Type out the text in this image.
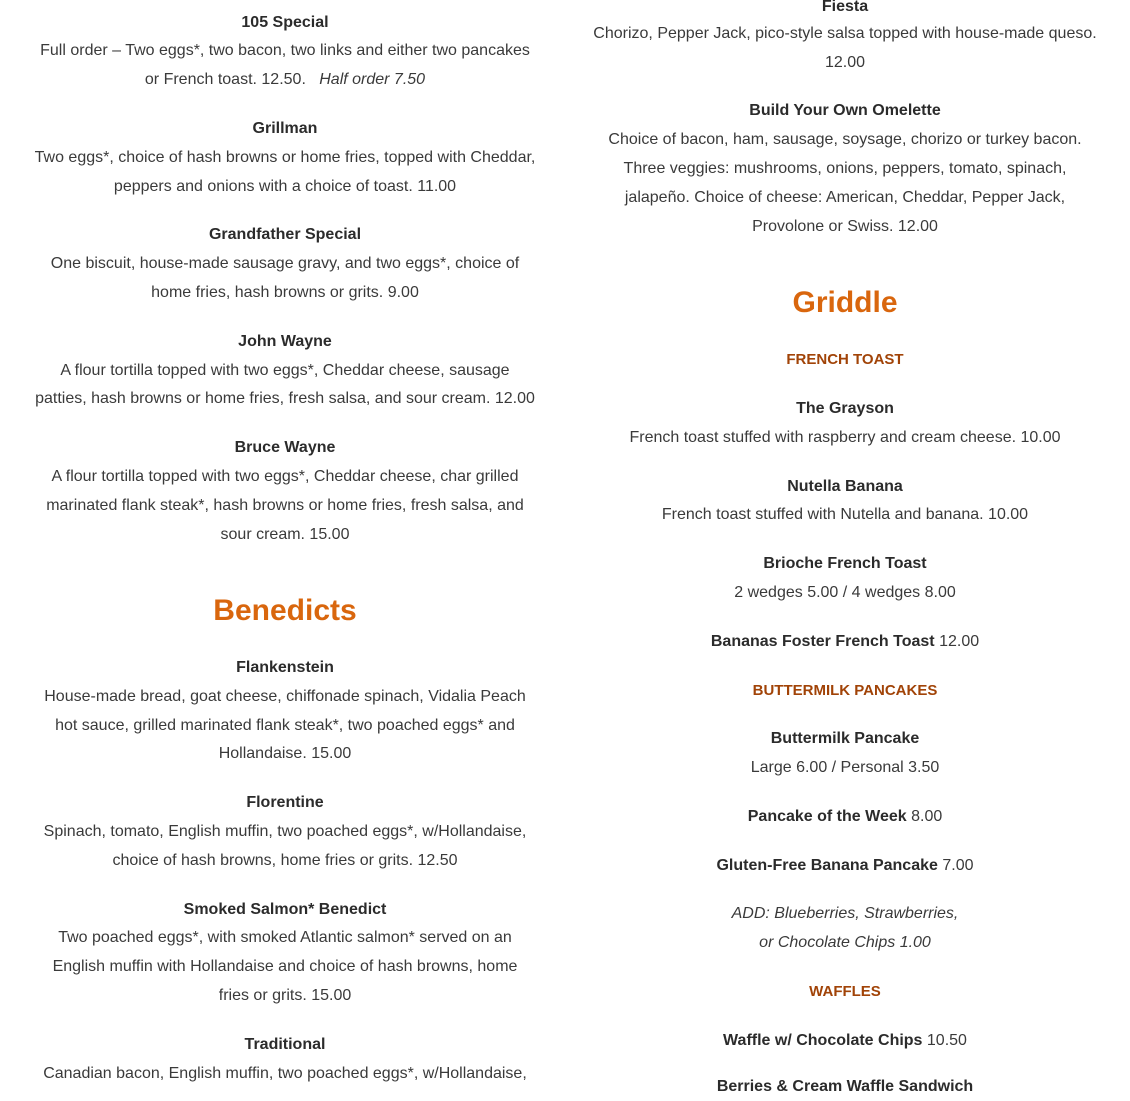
105 Special
Full order – Two eggs*, two bacon, two links and either two pancakes
or French toast. 12.50. Half order 7.50
Grillman
Two eggs*, choice of hash browns or home fries, topped with Cheddar,
peppers and onions with a choice of toast. 11.00
Grandfather Special
One biscuit, house-made sausage gravy, and two eggs*, choice of
home fries, hash browns or grits. 9.00
John Wayne
A flour tortilla topped with two eggs*, Cheddar cheese, sausage
patties, hash browns or home fries, fresh salsa, and sour cream. 12.00
Bruce Wayne
A flour tortilla topped with two eggs*, Cheddar cheese, char grilled
marinated flank steak*, hash browns or home fries, fresh salsa, and
sour cream. 15.00
Benedicts
Flankenstein
House-made bread, goat cheese, chiffonade spinach, Vidalia Peach
hot sauce, grilled marinated flank steak*, two poached eggs* and
Hollandaise. 15.00
Florentine
Spinach, tomato, English muffin, two poached eggs*, w/Hollandaise,
choice of hash browns, home fries or grits. 12.50
Smoked Salmon* Benedict
Two poached eggs*, with smoked Atlantic salmon* served on an
English muffin with Hollandaise and choice of hash browns, home
fries or grits. 15.00
Traditional
Canadian bacon, English muffin, two poached eggs*, w/Hollandaise,
Fiesta
Chorizo, Pepper Jack, pico-style salsa topped with house-made queso.
12.00
Build Your Own Omelette
Choice of bacon, ham, sausage, soysage, chorizo or turkey bacon.
Three veggies: mushrooms, onions, peppers, tomato, spinach,
jalapeño. Choice of cheese: American, Cheddar, Pepper Jack,
Provolone or Swiss. 12.00
Griddle
FRENCH TOAST
The Grayson
French toast stuffed with raspberry and cream cheese. 10.00
Nutella Banana
French toast stuffed with Nutella and banana. 10.00
Brioche French Toast
2 wedges 5.00 / 4 wedges 8.00
Bananas Foster French Toast 12.00
BUTTERMILK PANCAKES
Buttermilk Pancake
Large 6.00 / Personal 3.50
Pancake of the Week 8.00
Gluten-Free Banana Pancake 7.00
ADD: Blueberries, Strawberries,
or Chocolate Chips 1.00
WAFFLES
Waffle w/ Chocolate Chips 10.50
Berries & Cream Waffle Sandwich
